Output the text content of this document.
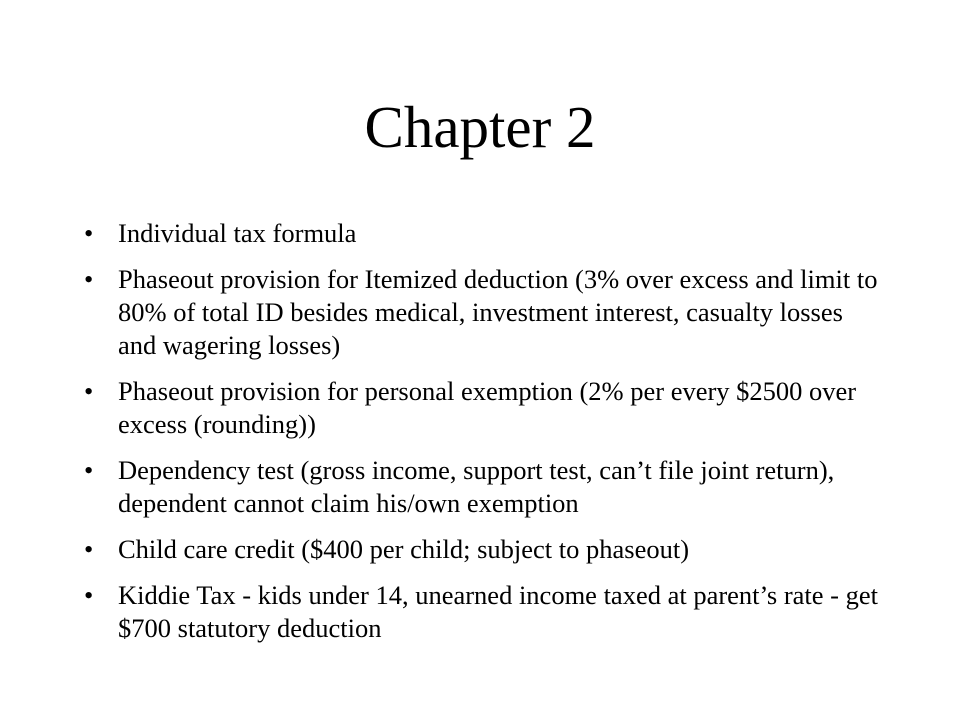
Chapter 2
• Individual tax formula
• Phaseout provision for Itemized deduction (3% over excess and limit to 80% of total ID besides medical, investment interest, casualty losses and wagering losses)
• Phaseout provision for personal exemption (2% per every $2500 over excess (rounding))
• Dependency test (gross income, support test, can’t file joint return), dependent cannot claim his/own exemption
• Child care credit ($400 per child; subject to phaseout)
• Kiddie Tax - kids under 14, unearned income taxed at parent’s rate - get $700 statutory deduction
